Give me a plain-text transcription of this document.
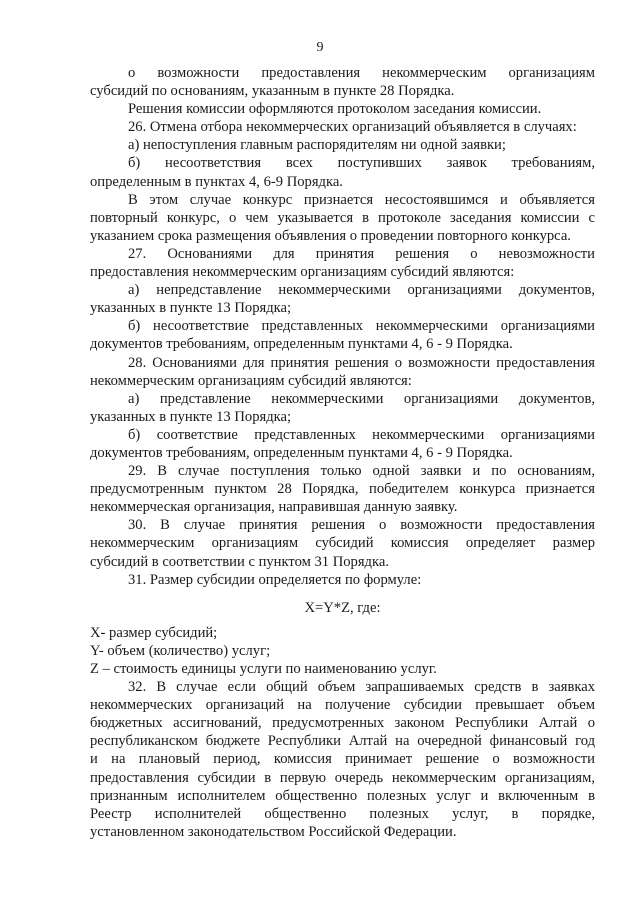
9
о возможности предоставления некоммерческим организациям
субсидий по основаниям, указанным в пункте 28 Порядка.
Решения комиссии оформляются протоколом заседания комиссии.
26. Отмена отбора некоммерческих организаций объявляется в случаях:
а) непоступления главным распорядителям ни одной заявки;
б) несоответствия всех поступивших заявок требованиям,
определенным в пунктах 4, 6-9 Порядка.
В этом случае конкурс признается несостоявшимся и объявляется
повторный конкурс, о чем указывается в протоколе заседания комиссии с
указанием срока размещения объявления о проведении повторного конкурса.
27. Основаниями для принятия решения о невозможности
предоставления некоммерческим организациям субсидий являются:
а) непредставление некоммерческими организациями документов,
указанных в пункте 13 Порядка;
б) несоответствие представленных некоммерческими организациями
документов требованиям, определенным пунктами 4, 6 - 9 Порядка.
28. Основаниями для принятия решения о возможности предоставления
некоммерческим организациям субсидий являются:
а) представление некоммерческими организациями документов,
указанных в пункте 13 Порядка;
б) соответствие представленных некоммерческими организациями
документов требованиям, определенным пунктами 4, 6 - 9 Порядка.
29. В случае поступления только одной заявки и по основаниям,
предусмотренным пунктом 28 Порядка, победителем конкурса признается
некоммерческая организация, направившая данную заявку.
30. В случае принятия решения о возможности предоставления
некоммерческим организациям субсидий комиссия определяет размер
субсидий в соответствии с пунктом 31 Порядка.
31. Размер субсидии определяется по формуле:
X=Y*Z, где:
X- размер субсидий;
Y- объем (количество) услуг;
Z – стоимость единицы услуги по наименованию услуг.
32. В случае если общий объем запрашиваемых средств в заявках
некоммерческих организаций на получение субсидии превышает объем
бюджетных ассигнований, предусмотренных законом Республики Алтай о
республиканском бюджете Республики Алтай на очередной финансовый год
и на плановый период, комиссия принимает решение о возможности
предоставления субсидии в первую очередь некоммерческим организациям,
признанным исполнителем общественно полезных услуг и включенным в
Реестр исполнителей общественно полезных услуг, в порядке,
установленном законодательством Российской Федерации.
